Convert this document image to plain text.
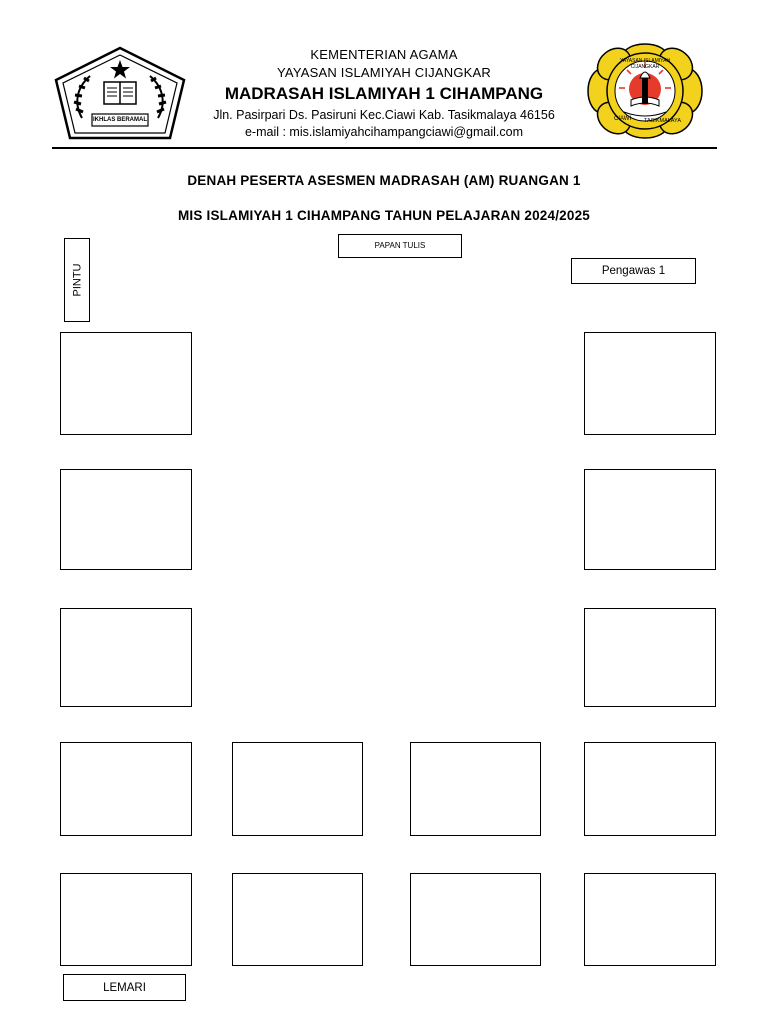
IKHLAS BERAMAL
KEMENTERIAN AGAMA
YAYASAN ISLAMIYAH CIJANGKAR
MADRASAH ISLAMIYAH 1 CIHAMPANG
Jln. Pasirpari Ds. Pasiruni Kec.Ciawi Kab. Tasikmalaya 46156
e-mail : mis.islamiyahcihampangciawi@gmail.com
YAYASAN ISLAMIYAH CIJANGKAR
CIAWI TASIKMALAYA
DENAH PESERTA ASESMEN MADRASAH (AM) RUANGAN 1
MIS ISLAMIYAH 1 CIHAMPANG TAHUN PELAJARAN 2024/2025
PINTU
PAPAN TULIS
Pengawas 1
LEMARI
